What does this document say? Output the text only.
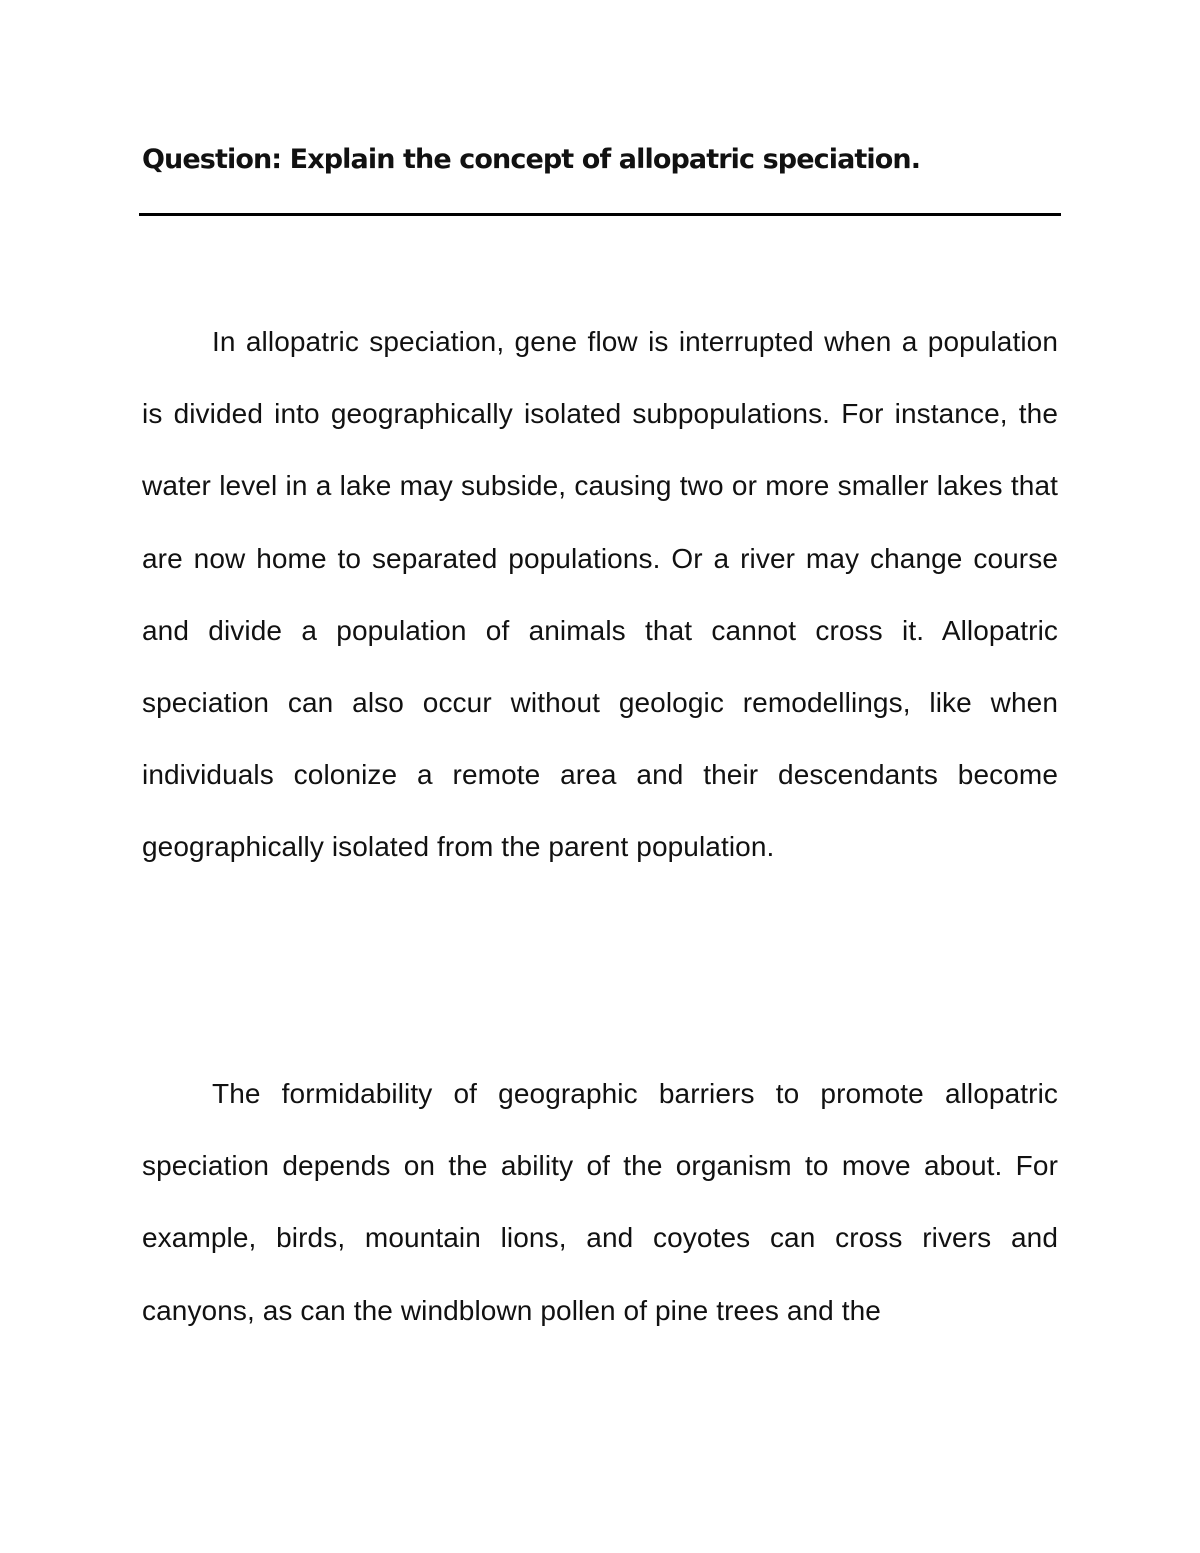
Question: Explain the concept of allopatric speciation.

In allopatric speciation, gene flow is interrupted when a population is divided into geographically isolated subpopulations. For instance, the water level in a lake may subside, causing two or more smaller lakes that are now home to separated populations. Or a river may change course and divide a population of animals that cannot cross it. Allopatric speciation can also occur without geologic remodellings, like when individuals colonize a remote area and their descendants become geographically isolated from the parent population.

The formidability of geographic barriers to promote allopatric speciation depends on the ability of the organism to move about. For example, birds, mountain lions, and coyotes can cross rivers and canyons, as can the windblown pollen of pine trees and the
